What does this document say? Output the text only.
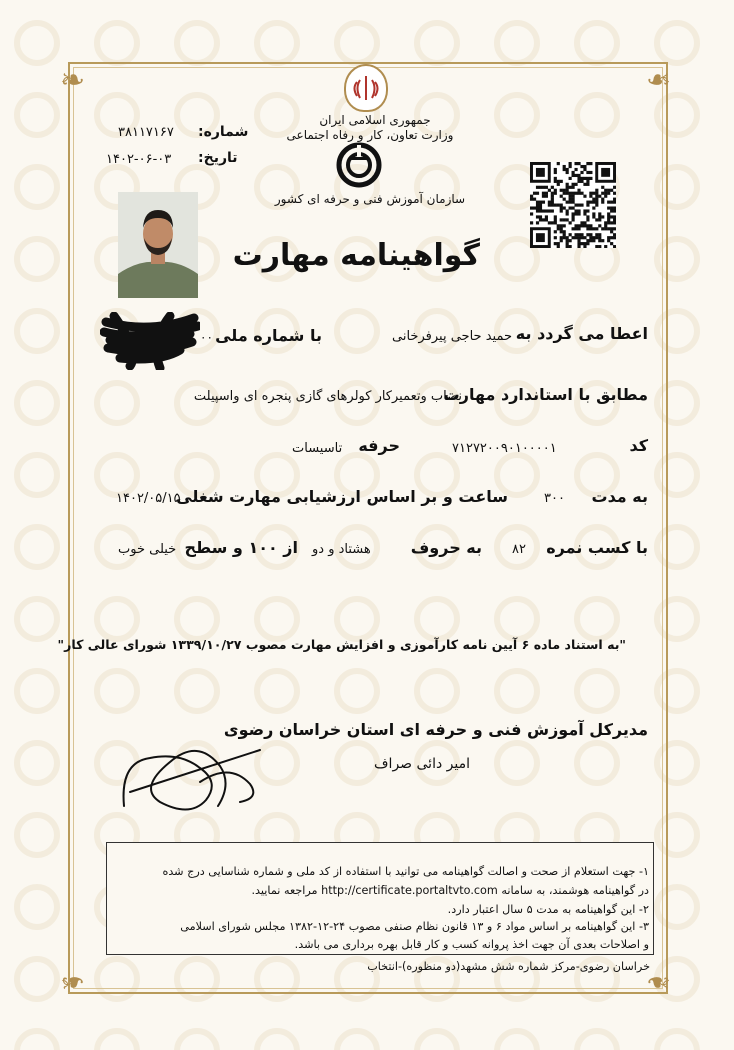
❧	❧
❧	❧
جمهوری اسلامی ایران
وزارت تعاون، کار و رفاه اجتماعی
سازمان آموزش فنی و حرفه ای کشور
شماره:
۳۸۱۱۷۱۶۷
تاریخ:
۱۴۰۲-۰۶-۰۳
گواهینامه مهارت
اعطا می گردد به
حمید حاجی پیرفرخانی
با شماره ملی
۰۰
مطابق با استاندارد مهارت
نصاب وتعمیرکار کولرهای گازی پنجره ای واسپیلت
کد
۷۱۲۷۲۰۰۹۰۱۰۰۰۰۱
حرفه
تاسیسات
به مدت
۳۰۰
ساعت و بر اساس ارزشیابی مهارت شغلی
۱۴۰۲/۰۵/۱۵
با کسب نمره
۸۲
به حروف
هشتاد و دو
از ۱۰۰ و سطح
خیلی خوب
"به استناد ماده ۶ آیین نامه کارآموزی و افزایش مهارت مصوب ۱۳۳۹/۱۰/۲۷ شورای عالی کار"
مدیرکل آموزش فنی و حرفه ای استان خراسان رضوی
امیر دائی صراف
۱- جهت استعلام از صحت و اصالت گواهینامه می توانید با استفاده از کد ملی و شماره شناسایی درج شده
در گواهینامه هوشمند، به سامانه http://certificate.portaltvto.com مراجعه نمایید.
۲- این گواهینامه به مدت ۵ سال اعتبار دارد.
۳- این گواهینامه بر اساس مواد ۶ و ۱۳ قانون نظام صنفی مصوب ۲۴-۱۲-۱۳۸۲ مجلس شورای اسلامی
و اصلاحات بعدی آن جهت اخذ پروانه کسب و کار قابل بهره برداری می باشد.
خراسان رضوی-مرکز شماره شش مشهد(دو منظوره)-انتخاب
